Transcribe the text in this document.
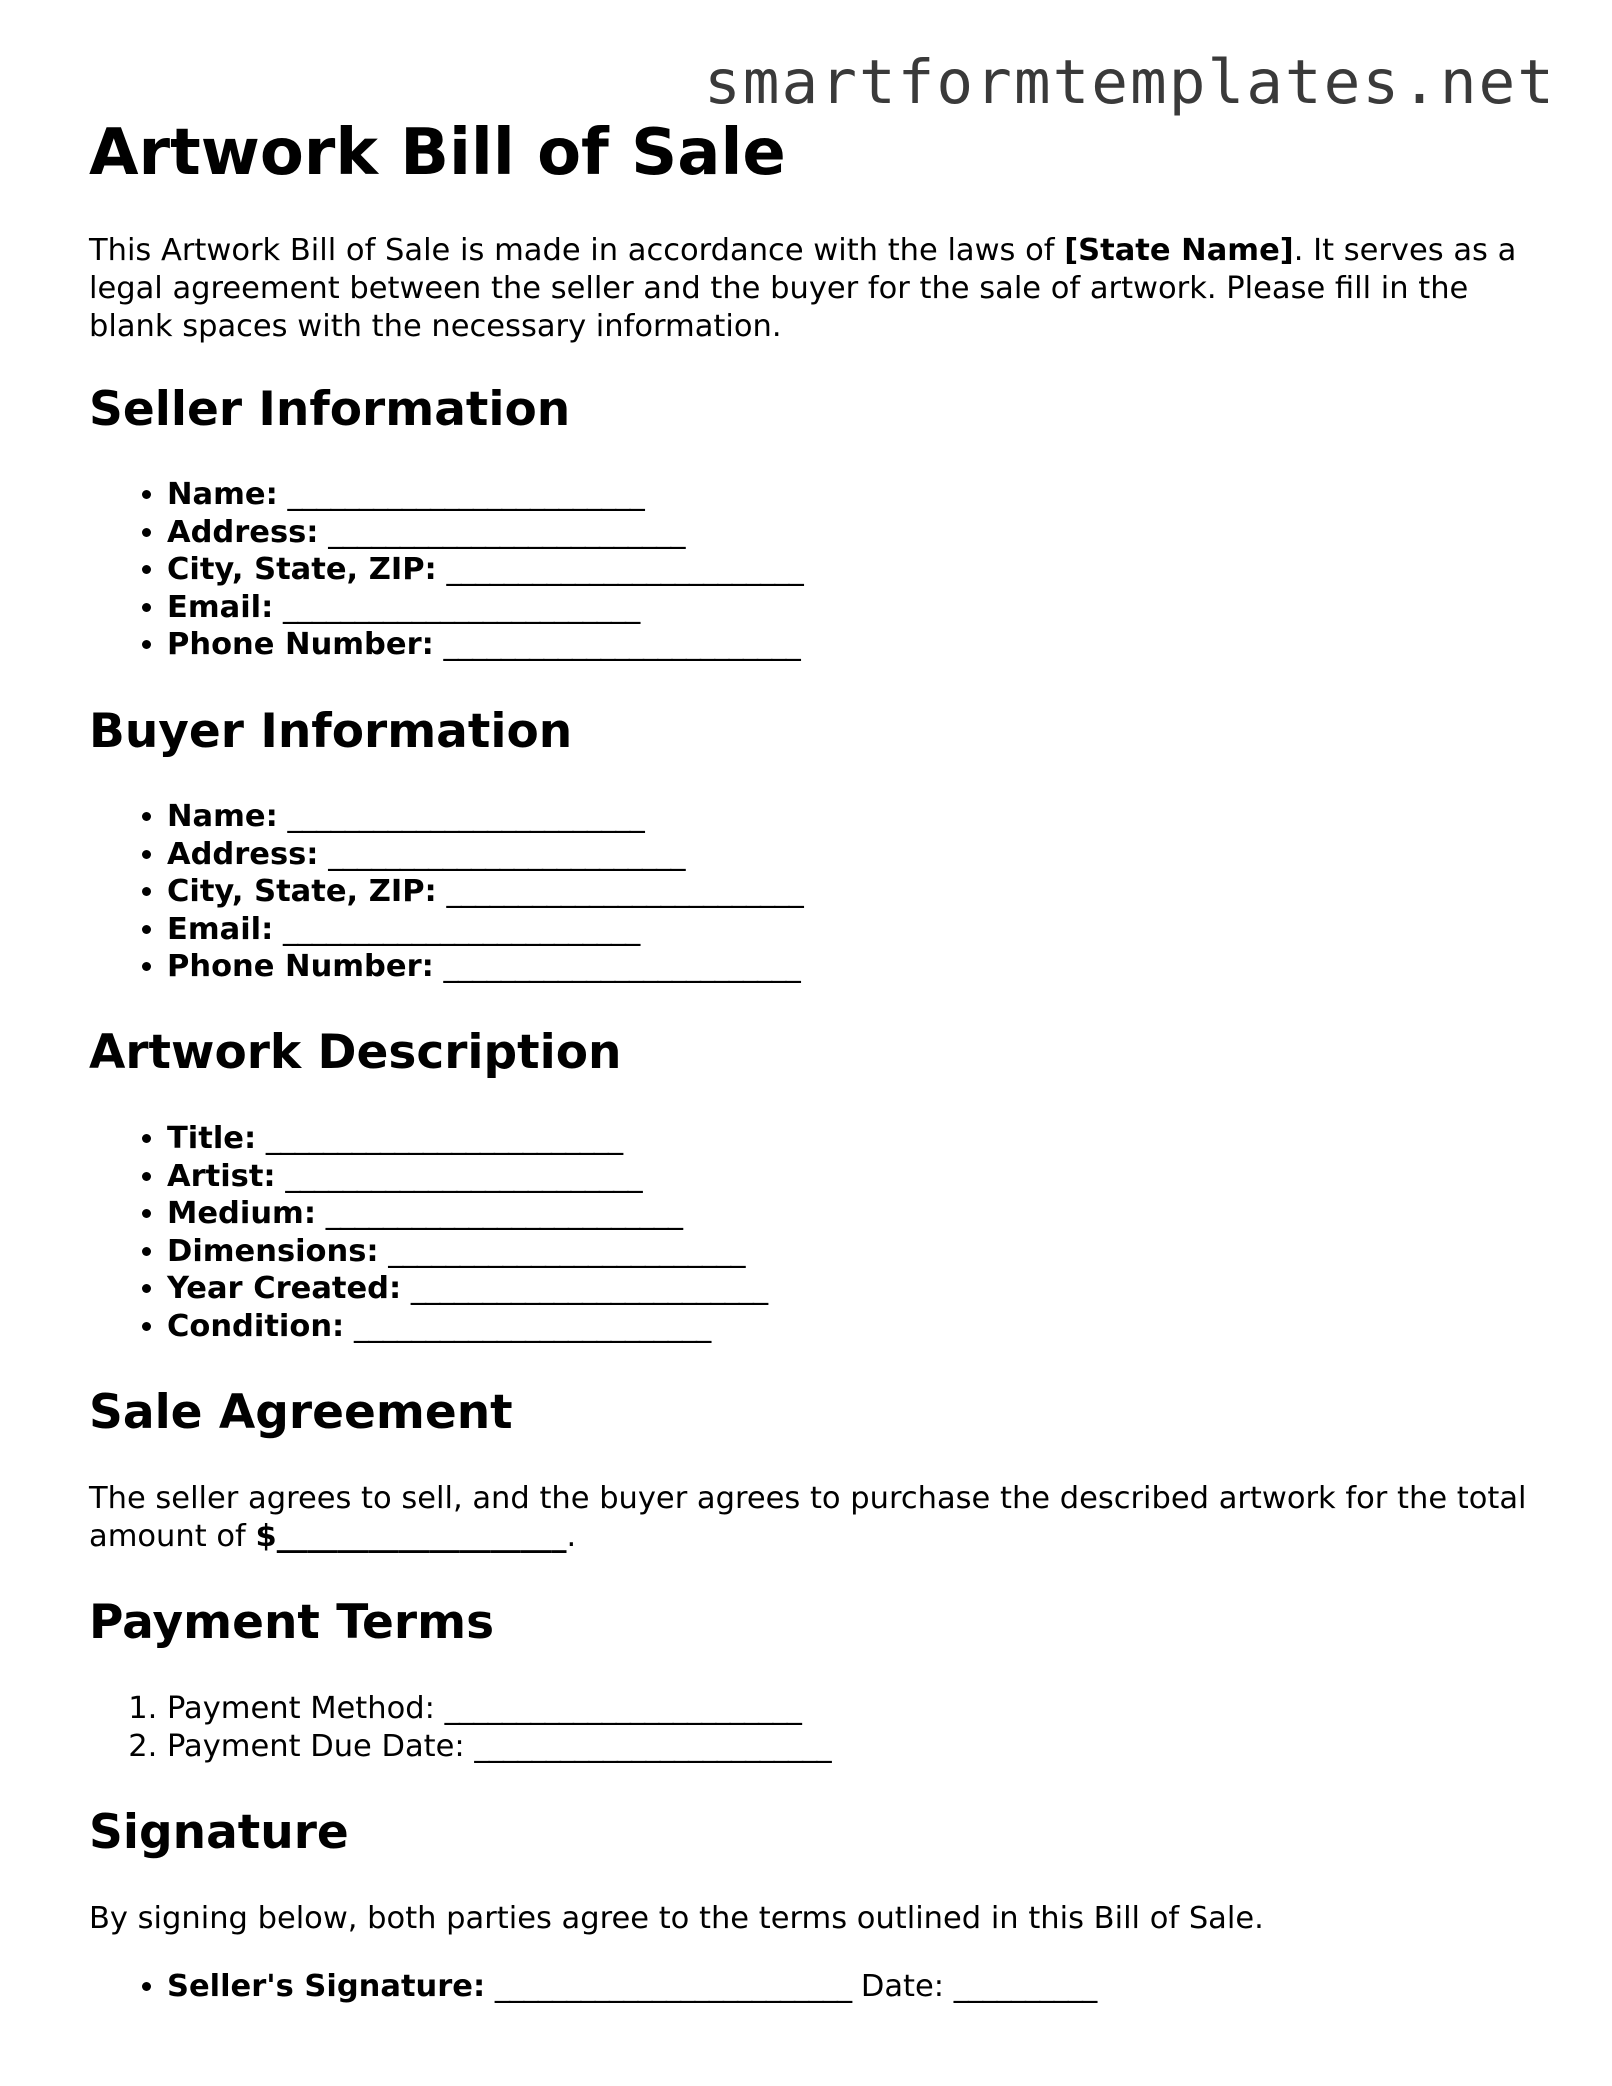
smartformtemplates.net
Artwork Bill of Sale

This Artwork Bill of Sale is made in accordance with the laws of [State Name]. It serves as a legal agreement between the seller and the buyer for the sale of artwork. Please fill in the blank spaces with the necessary information.

Seller Information
• Name: _________________________
• Address: _________________________
• City, State, ZIP: _________________________
• Email: _________________________
• Phone Number: _________________________
Buyer Information
• Name: _________________________
• Address: _________________________
• City, State, ZIP: _________________________
• Email: _________________________
• Phone Number: _________________________
Artwork Description
• Title: _________________________
• Artist: _________________________
• Medium: _________________________
• Dimensions: _________________________
• Year Created: _________________________
• Condition: _________________________
Sale Agreement

The seller agrees to sell, and the buyer agrees to purchase the described artwork for the total amount of $___________________.

Payment Terms
1. Payment Method: _________________________
2. Payment Due Date: _________________________
Signature

By signing below, both parties agree to the terms outlined in this Bill of Sale.

• Seller's Signature: _________________________ Date: __________
